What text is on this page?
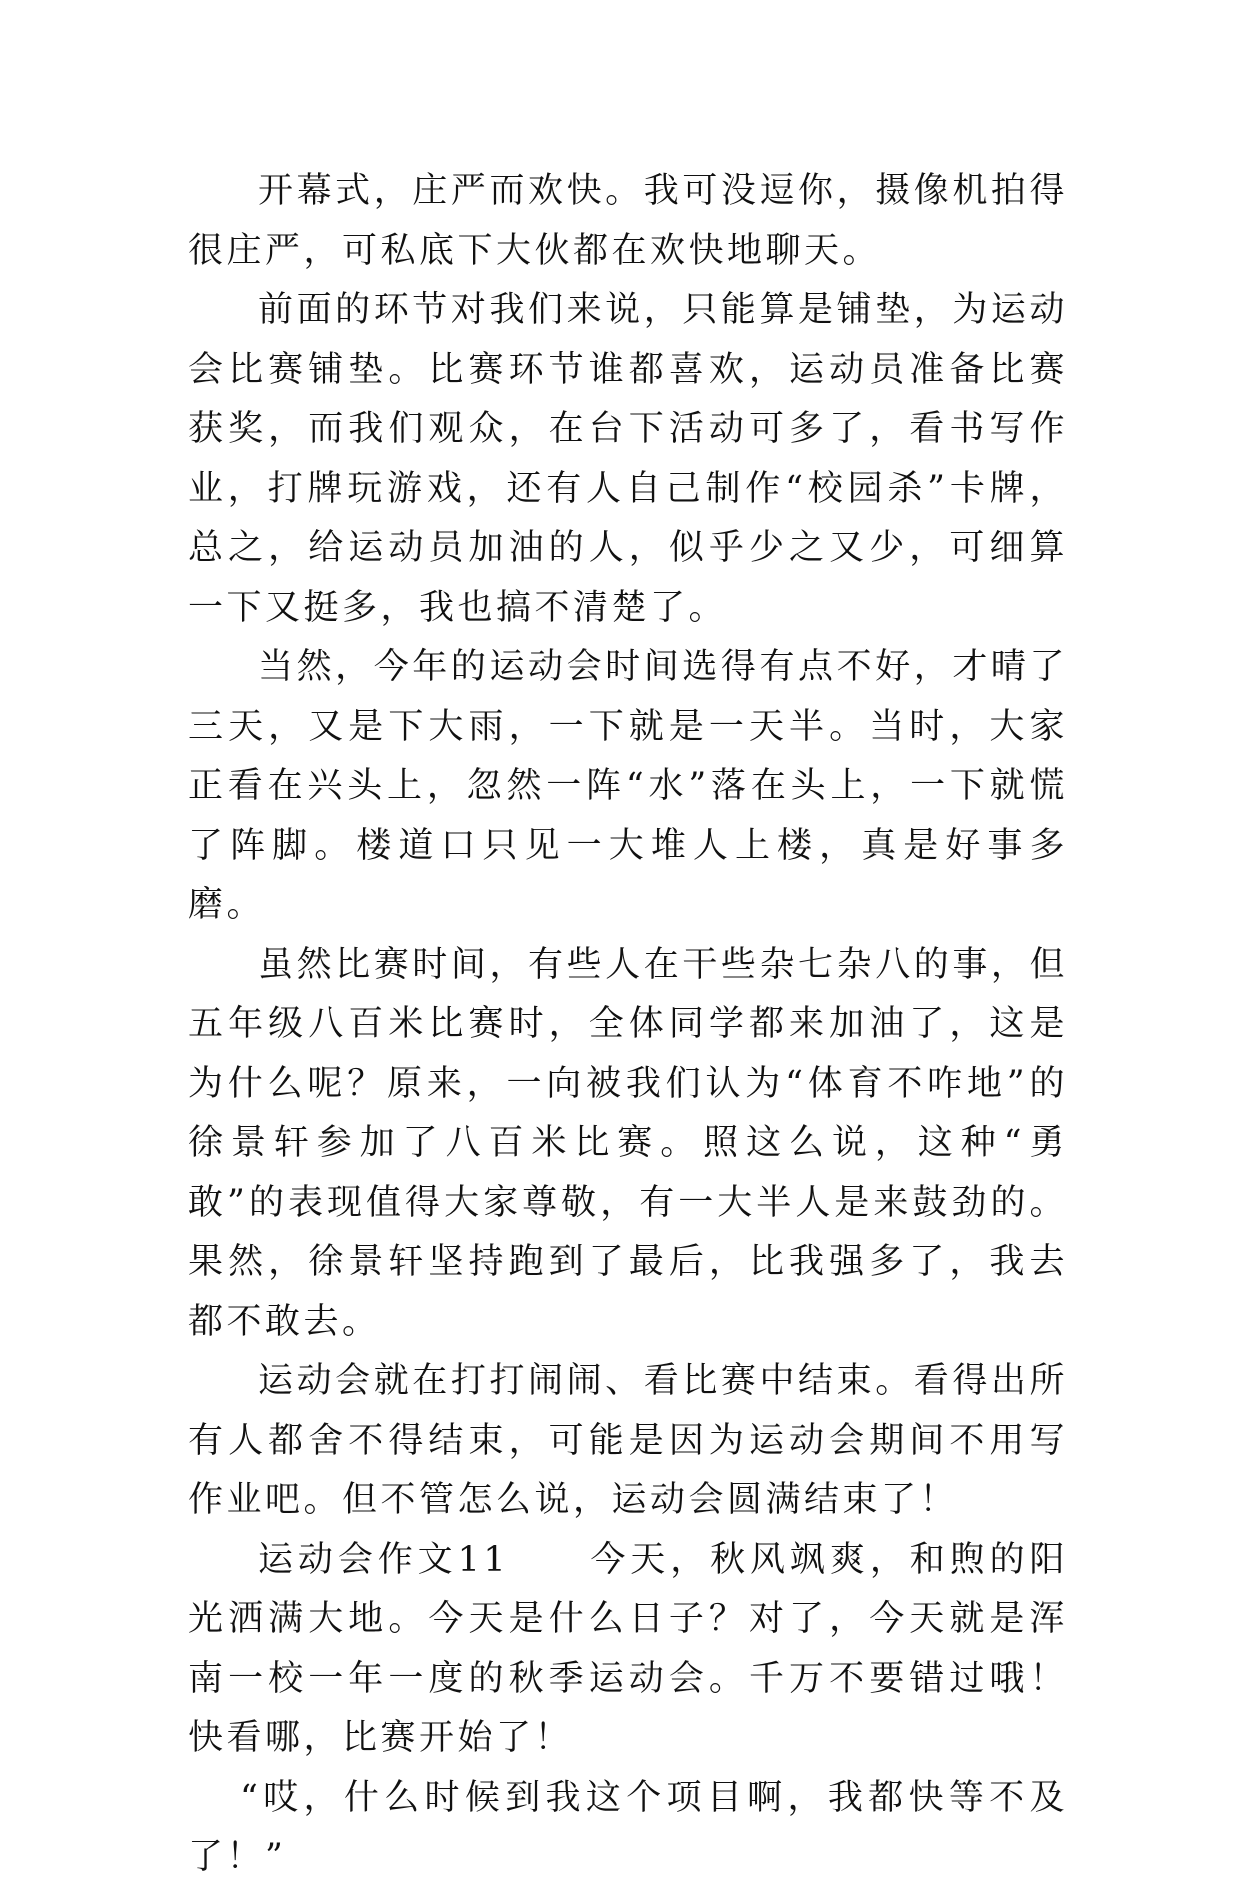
开幕式，庄严而欢快。我可没逗你，摄像机拍得很庄严，可私底下大伙都在欢快地聊天。

前面的环节对我们来说，只能算是铺垫，为运动会比赛铺垫。比赛环节谁都喜欢，运动员准备比赛获奖，而我们观众，在台下活动可多了，看书写作业，打牌玩游戏，还有人自己制作“校园杀”卡牌，总之，给运动员加油的人，似乎少之又少，可细算一下又挺多，我也搞不清楚了。

当然，今年的运动会时间选得有点不好，才晴了三天，又是下大雨，一下就是一天半。当时，大家正看在兴头上，忽然一阵“水”落在头上，一下就慌了阵脚。楼道口只见一大堆人上楼，真是好事多磨。

虽然比赛时间，有些人在干些杂七杂八的事，但五年级八百米比赛时，全体同学都来加油了，这是为什么呢？原来，一向被我们认为“体育不咋地”的徐景轩参加了八百米比赛。照这么说，这种“勇敢”的表现值得大家尊敬，有一大半人是来鼓劲的。果然，徐景轩坚持跑到了最后，比我强多了，我去都不敢去。

运动会就在打打闹闹、看比赛中结束。看得出所有人都舍不得结束，可能是因为运动会期间不用写作业吧。但不管怎么说，运动会圆满结束了！

运动会作文11　　今天，秋风飒爽，和煦的阳光洒满大地。今天是什么日子？对了，今天就是浑南一校一年一度的秋季运动会。千万不要错过哦！快看哪，比赛开始了！

“哎，什么时候到我这个项目啊，我都快等不及了！”
